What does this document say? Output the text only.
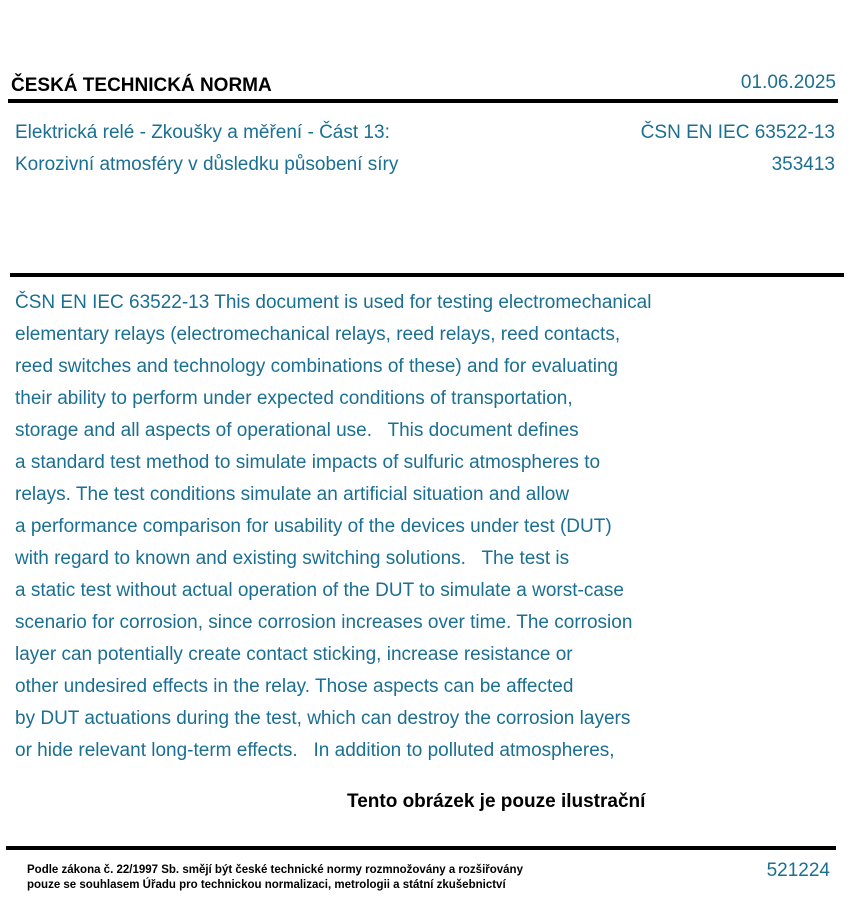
ČESKÁ TECHNICKÁ NORMA	01.06.2025
Elektrická relé - Zkoušky a měření - Část 13:
Korozivní atmosféry v důsledku působení síry
ČSN EN IEC 63522-13
353413
ČSN EN IEC 63522-13 This document is used for testing electromechanical
elementary relays (electromechanical relays, reed relays, reed contacts,
reed switches and technology combinations of these) and for evaluating
their ability to perform under expected conditions of transportation,
storage and all aspects of operational use.   This document defines
a standard test method to simulate impacts of sulfuric atmospheres to
relays. The test conditions simulate an artificial situation and allow
a performance comparison for usability of the devices under test (DUT)
with regard to known and existing switching solutions.   The test is
a static test without actual operation of the DUT to simulate a worst-case
scenario for corrosion, since corrosion increases over time. The corrosion
layer can potentially create contact sticking, increase resistance or
other undesired effects in the relay. Those aspects can be affected
by DUT actuations during the test, which can destroy the corrosion layers
or hide relevant long-term effects.   In addition to polluted atmospheres,
Tento obrázek je pouze ilustrační
Podle zákona č. 22/1997 Sb. smějí být české technické normy rozmnožovány a rozšiřovány
pouze se souhlasem Úřadu pro technickou normalizaci, metrologii a státní zkušebnictví
521224
